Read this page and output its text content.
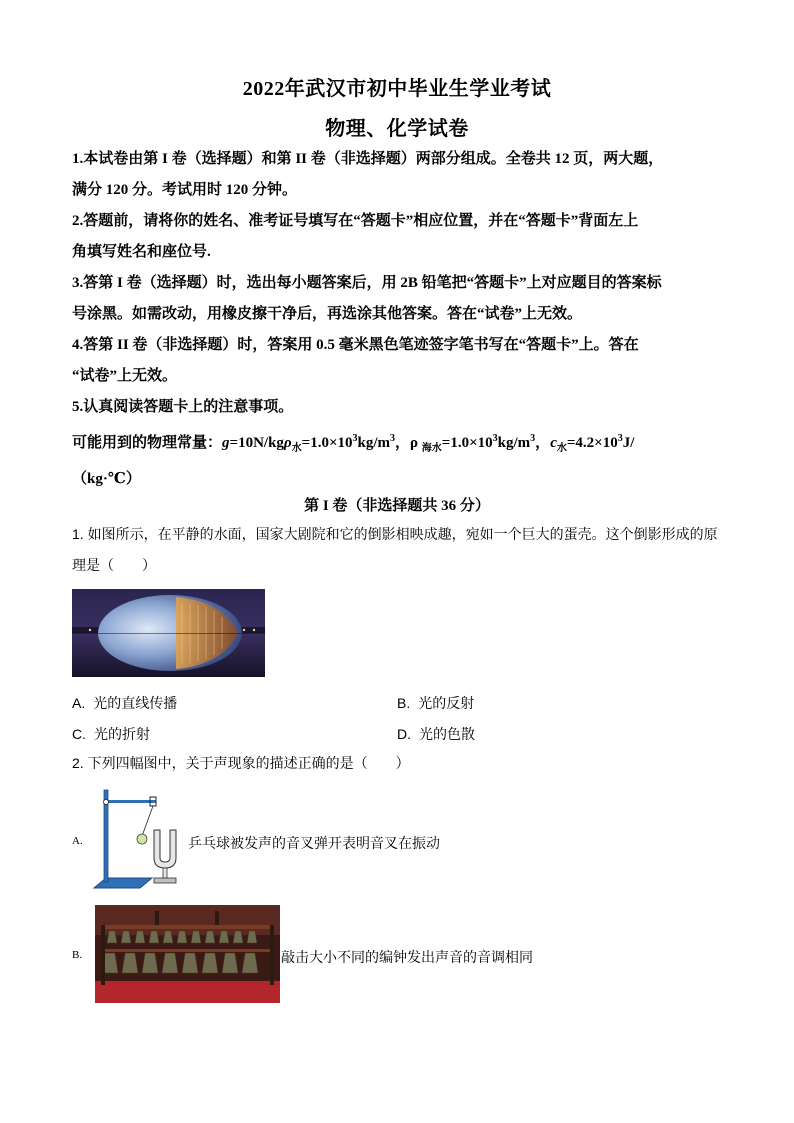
2022年武汉市初中毕业生学业考试
物理、化学试卷
1.本试卷由第 I 卷（选择题）和第 II 卷（非选择题）两部分组成。全卷共 12 页，两大题，
满分 120 分。考试用时 120 分钟。
2.答题前，请将你的姓名、准考证号填写在“答题卡”相应位置，并在“答题卡”背面左上
角填写姓名和座位号.
3.答第 I 卷（选择题）时，选出每小题答案后，用 2B 铅笔把“答题卡”上对应题目的答案标
号涂黑。如需改动，用橡皮擦干净后，再选涂其他答案。答在“试卷”上无效。
4.答第 II 卷（非选择题）时，答案用 0.5 毫米黑色笔迹签字笔书写在“答题卡”上。答在
“试卷”上无效。
5.认真阅读答题卡上的注意事项。
可能用到的物理常量：$g=10N/kg\rho_水=1.0\times 10^3kg/m^3$，ρ $_{海水}=1.0\times 10^3kg/m^3$，$c_水=4.2\times 10^3J/$
（kg·℃）
第 I 卷（非选择题共 36 分）
1. 如图所示，在平静的水面，国家大剧院和它的倒影相映成趣，宛如一个巨大的蛋壳。这个倒影形成的原
理是（　　）
A. 光的直线传播	B. 光的反射
C. 光的折射	D. 光的色散
2. 下列四幅图中，关于声现象的描述正确的是（　　）
A.	乒乓球被发声的音叉弹开表明音叉在振动
B.	敲击大小不同的编钟发出声音的音调相同
